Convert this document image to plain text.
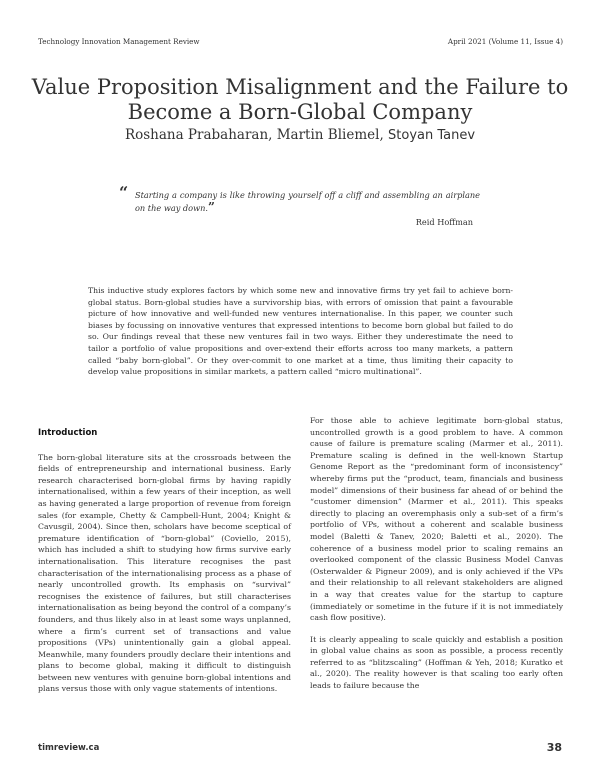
Technology Innovation Management Review	April 2021 (Volume 11, Issue 4)
Value Proposition Misalignment and the Failure to Become a Born-Global Company
Roshana Prabaharan, Martin Bliemel, Stoyan Tanev
“ Starting a company is like throwing yourself off a cliff and assembling an airplane on the way down.”
Reid Hoffman
This inductive study explores factors by which some new and innovative firms try yet fail to achieve born-global status. Born-global studies have a survivorship bias, with errors of omission that paint a favourable picture of how innovative and well-funded new ventures internationalise. In this paper, we counter such biases by focussing on innovative ventures that expressed intentions to become born global but failed to do so. Our findings reveal that these new ventures fail in two ways. Either they underestimate the need to tailor a portfolio of value propositions and over-extend their efforts across too many markets, a pattern called “baby born-global”. Or they over-commit to one market at a time, thus limiting their capacity to develop value propositions in similar markets, a pattern called “micro multinational”.
Introduction

The born-global literature sits at the crossroads between the fields of entrepreneurship and international business. Early research characterised born-global firms by having rapidly internationalised, within a few years of their inception, as well as having generated a large proportion of revenue from foreign sales (for example, Chetty & Campbell-Hunt, 2004; Knight & Cavusgil, 2004). Since then, scholars have become sceptical of premature identification of “born-global” (Coviello, 2015), which has included a shift to studying how firms survive early internationalisation. This literature recognises the past characterisation of the internationalising process as a phase of nearly uncontrolled growth. Its emphasis on “survival” recognises the existence of failures, but still characterises internationalisation as being beyond the control of a company’s founders, and thus likely also in at least some ways unplanned, where a firm’s current set of transactions and value propositions (VPs) unintentionally gain a global appeal. Meanwhile, many founders proudly declare their intentions and plans to become global, making it difficult to distinguish between new ventures with genuine born-global intentions and plans versus those with only vague statements of intentions.

For those able to achieve legitimate born-global status, uncontrolled growth is a good problem to have. A common cause of failure is premature scaling (Marmer et al., 2011). Premature scaling is defined in the well-known Startup Genome Report as the “predominant form of inconsistency” whereby firms put the “product, team, financials and business model” dimensions of their business far ahead of or behind the “customer dimension” (Marmer et al., 2011). This speaks directly to placing an overemphasis only a sub-set of a firm’s portfolio of VPs, without a coherent and scalable business model (Baletti & Tanev, 2020; Baletti et al., 2020). The coherence of a business model prior to scaling remains an overlooked component of the classic Business Model Canvas (Osterwalder & Pigneur 2009), and is only achieved if the VPs and their relationship to all relevant stakeholders are aligned in a way that creates value for the startup to capture (immediately or sometime in the future if it is not immediately cash flow positive).

It is clearly appealing to scale quickly and establish a position in global value chains as soon as possible, a process recently referred to as “blitzscaling” (Hoffman & Yeh, 2018; Kuratko et al., 2020). The reality however is that scaling too early often leads to failure because the

timreview.ca	38
